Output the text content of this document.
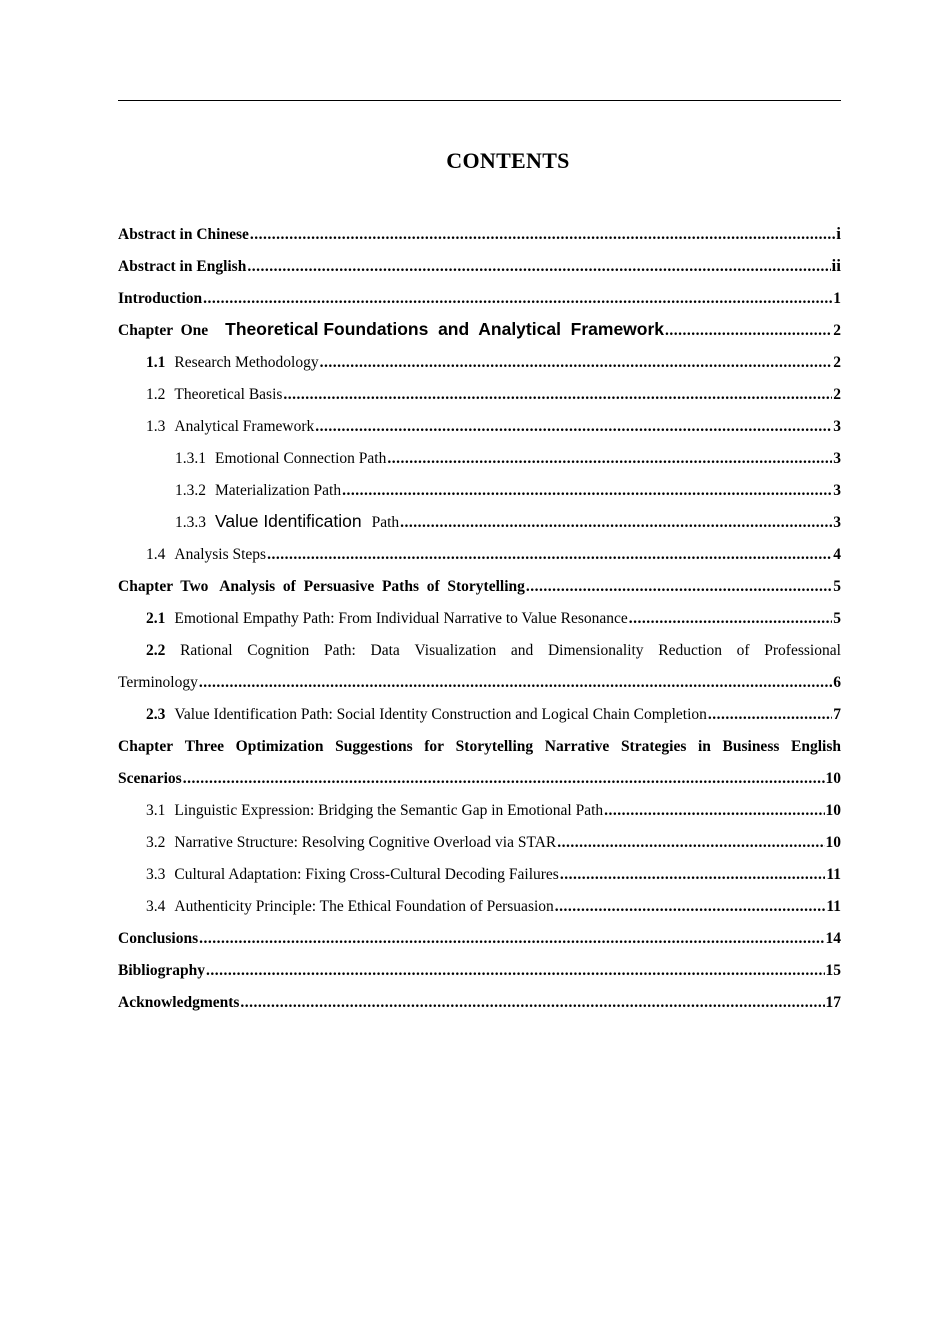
CONTENTS
Abstract in Chinese .....	i
Abstract in English .....	ii
Introduction .....	1
Chapter  One Theoretical Foundations  and  Analytical  Framework .....	2
1.1 Research Methodology .....	2
1.2 Theoretical Basis .....	2
1.3 Analytical Framework .....	3
1.3.1 Emotional Connection Path .....	3
1.3.2 Materialization Path .....	3
1.3.3 Value Identification Path .....	3
1.4 Analysis Steps .....	4
Chapter  Two   Analysis  of  Persuasive  Paths  of  Storytelling .....	5
2.1 Emotional Empathy Path: From Individual Narrative to Value Resonance .....	5
2.2 Rational Cognition Path: Data Visualization and Dimensionality Reduction of Professional
Terminology .....	6
2.3 Value Identification Path: Social Identity Construction and Logical Chain Completion .....	7
Chapter Three Optimization Suggestions for Storytelling Narrative Strategies in Business English
Scenarios .....	10
3.1 Linguistic Expression: Bridging the Semantic Gap in Emotional Path .....	10
3.2 Narrative Structure: Resolving Cognitive Overload via STAR .....	10
3.3 Cultural Adaptation: Fixing Cross-Cultural Decoding Failures .....	11
3.4 Authenticity Principle: The Ethical Foundation of Persuasion .....	11
Conclusions .....	14
Bibliography .....	15
Acknowledgments .....	17
